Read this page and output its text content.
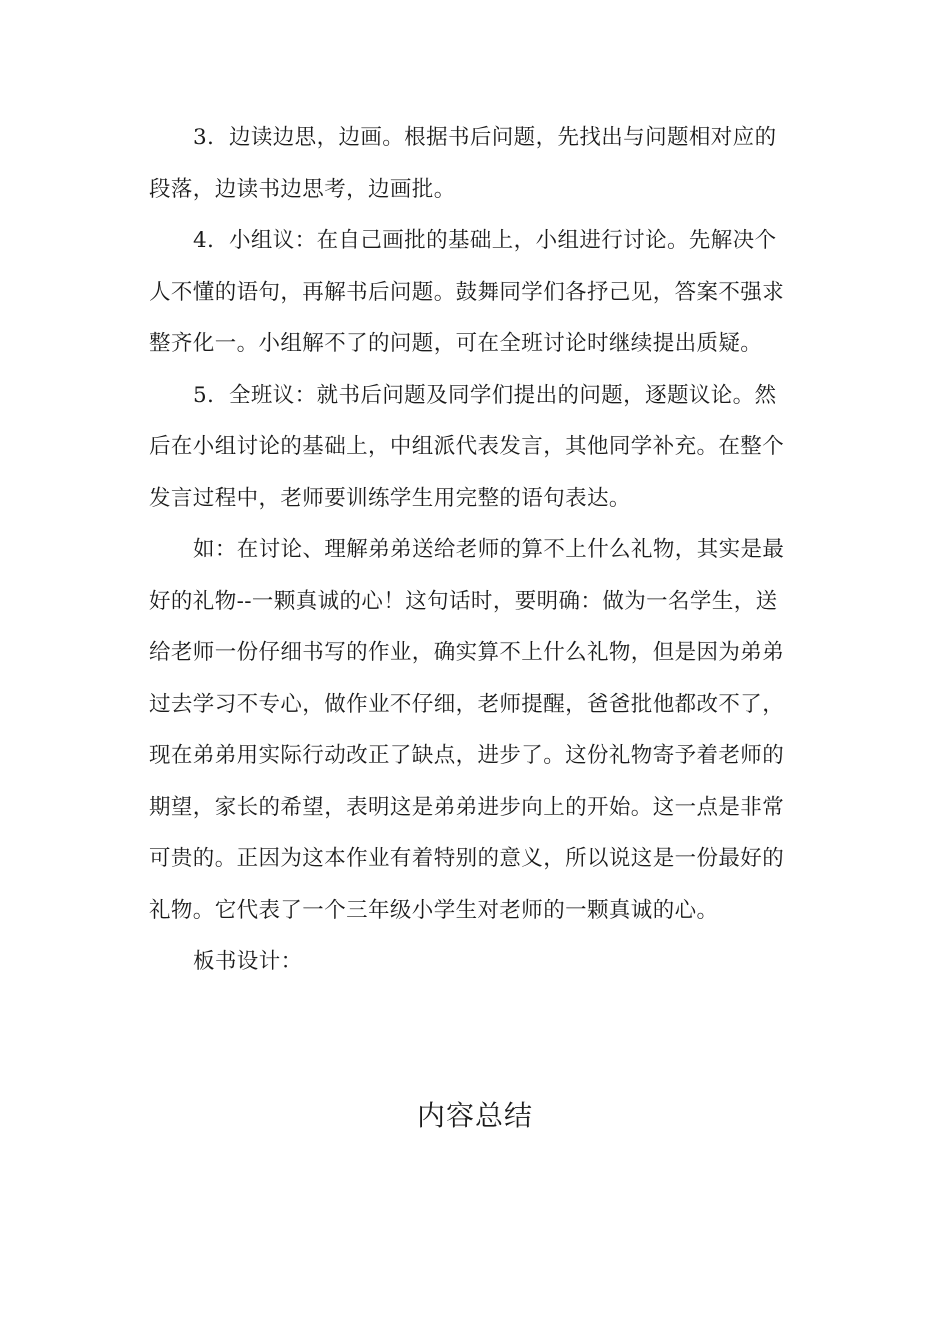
3．边读边思，边画。根据书后问题，先找出与问题相对应的
段落，边读书边思考，边画批。
4．小组议：在自己画批的基础上，小组进行讨论。先解决个
人不懂的语句，再解书后问题。鼓舞同学们各抒己见，答案不强求
整齐化一。小组解不了的问题，可在全班讨论时继续提出质疑。
5．全班议：就书后问题及同学们提出的问题，逐题议论。然
后在小组讨论的基础上，中组派代表发言，其他同学补充。在整个
发言过程中，老师要训练学生用完整的语句表达。
如：在讨论、理解弟弟送给老师的算不上什么礼物，其实是最
好的礼物--一颗真诚的心！这句话时，要明确：做为一名学生，送
给老师一份仔细书写的作业，确实算不上什么礼物，但是因为弟弟
过去学习不专心，做作业不仔细，老师提醒，爸爸批他都改不了，
现在弟弟用实际行动改正了缺点，进步了。这份礼物寄予着老师的
期望，家长的希望，表明这是弟弟进步向上的开始。这一点是非常
可贵的。正因为这本作业有着特别的意义，所以说这是一份最好的
礼物。它代表了一个三年级小学生对老师的一颗真诚的心。
板书设计：
内容总结
